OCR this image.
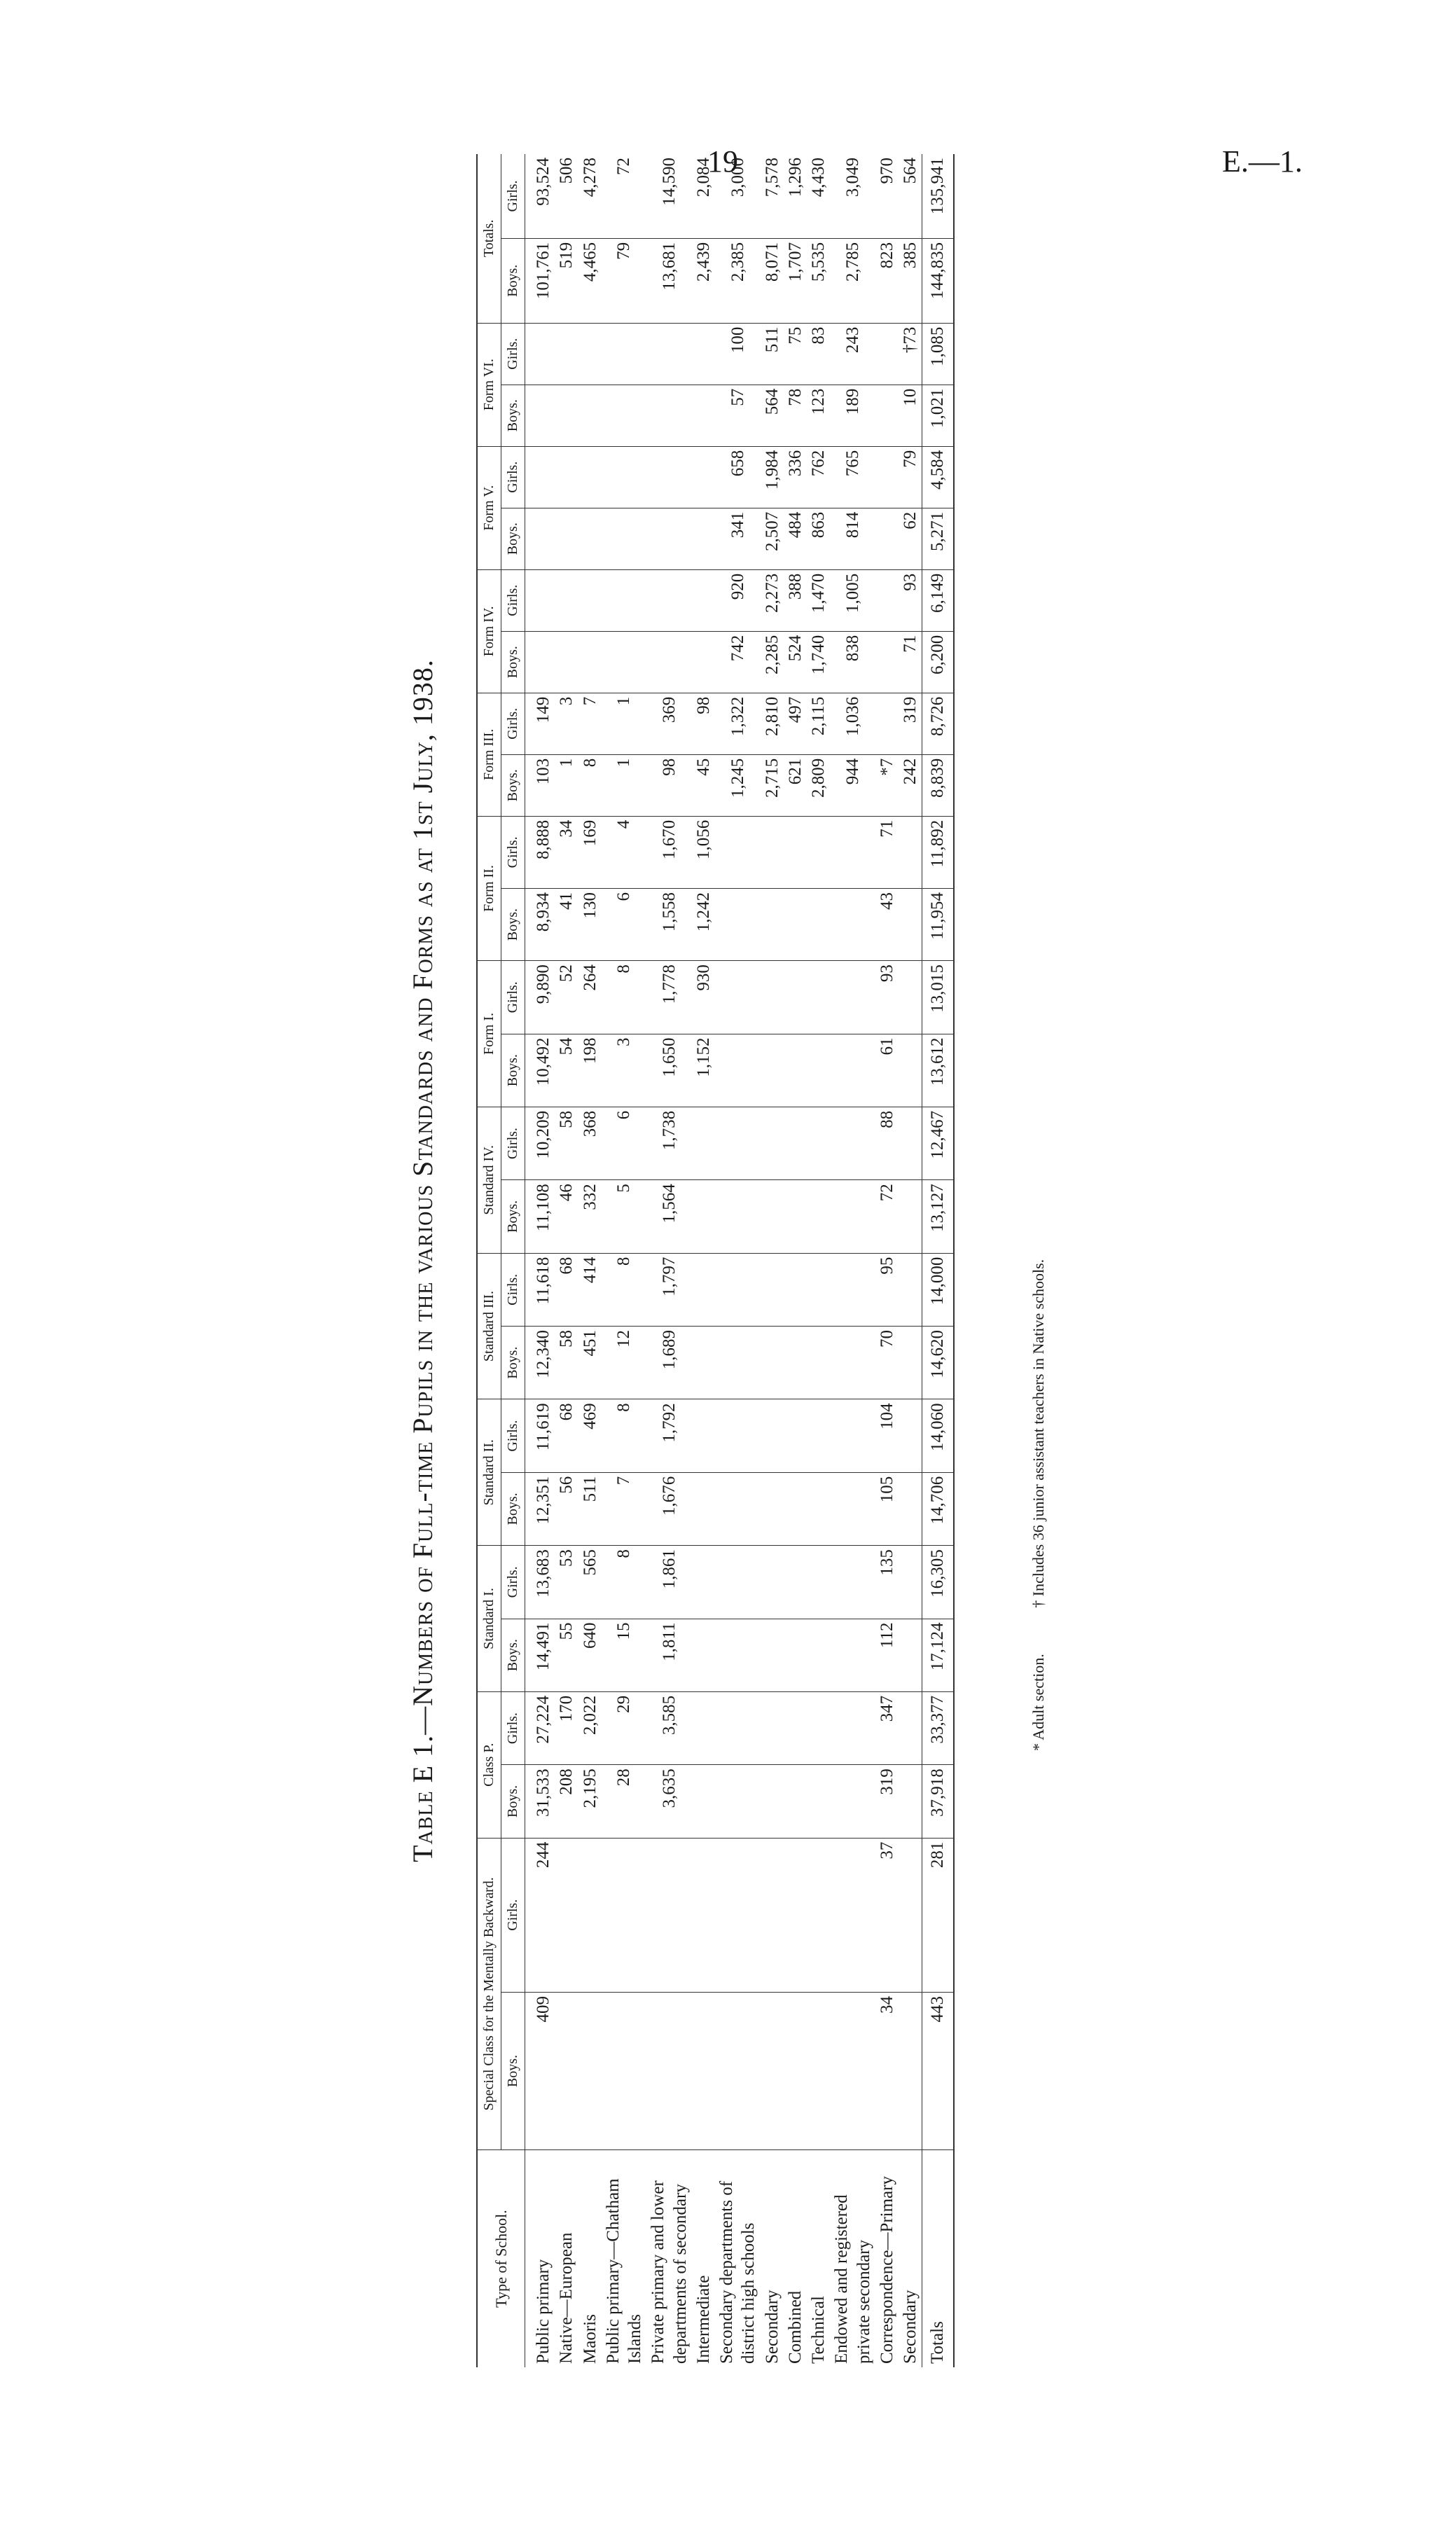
19	E.—1.
Table E 1.—Numbers of Full-time Pupils in the various Standards and Forms as at 1st July, 1938.
Type of School.	Special Class for the Mentally Backward.		Class P.		Standard I.		Standard II.		Standard III.		Standard IV.		Form I.		Form II.		Form III.		Form IV.		Form V.		Form VI.		Totals.	
	Boys.	Girls.	Boys.	Girls.	Boys.	Girls.	Boys.	Girls.	Boys.	Girls.	Boys.	Girls.	Boys.	Girls.	Boys.	Girls.	Boys.	Girls.	Boys.	Girls.	Boys.	Girls.	Boys.	Girls.	Boys.	Girls.
Public primary	409	244	31,533	27,224	14,491	13,683	12,351	11,619	12,340	11,618	11,108	10,209	10,492	9,890	8,934	8,888	103	149							101,761	93,524
Native—European			208	170	55	53	56	68	58	68	46	58	54	52	41	34	1	3							519	506
Maoris			2,195	2,022	640	565	511	469	451	414	332	368	198	264	130	169	8	7							4,465	4,278
Public primary—Chatham Islands			28	29	15	8	7	8	12	8	5	6	3	8	6	4	1	1							79	72
Private primary and lower departments of secondary			3,635	3,585	1,811	1,861	1,676	1,792	1,689	1,797	1,564	1,738	1,650	1,778	1,558	1,670	98	369							13,681	14,590
Intermediate													1,152	930	1,242	1,056	45	98							2,439	2,084
Secondary departments of district high schools																	1,245	1,322	742	920	341	658	57	100	2,385	3,000
Secondary																	2,715	2,810	2,285	2,273	2,507	1,984	564	511	8,071	7,578
Combined																	621	497	524	388	484	336	78	75	1,707	1,296
Technical																	2,809	2,115	1,740	1,470	863	762	123	83	5,535	4,430
Endowed and registered private secondary																	944	1,036	838	1,005	814	765	189	243	2,785	3,049
Correspondence—Primary	34	37	319	347	112	135	105	104	70	95	72	88	61	93	43	71	*7								823	970
Secondary																	242	319	71	93	62	79	10	†73	385	564
Totals	443	281	37,918	33,377	17,124	16,305	14,706	14,060	14,620	14,000	13,127	12,467	13,612	13,015	11,954	11,892	8,839	8,726	6,200	6,149	5,271	4,584	1,021	1,085	144,835	135,941
* Adult section. † Includes 36 junior assistant teachers in Native schools.
